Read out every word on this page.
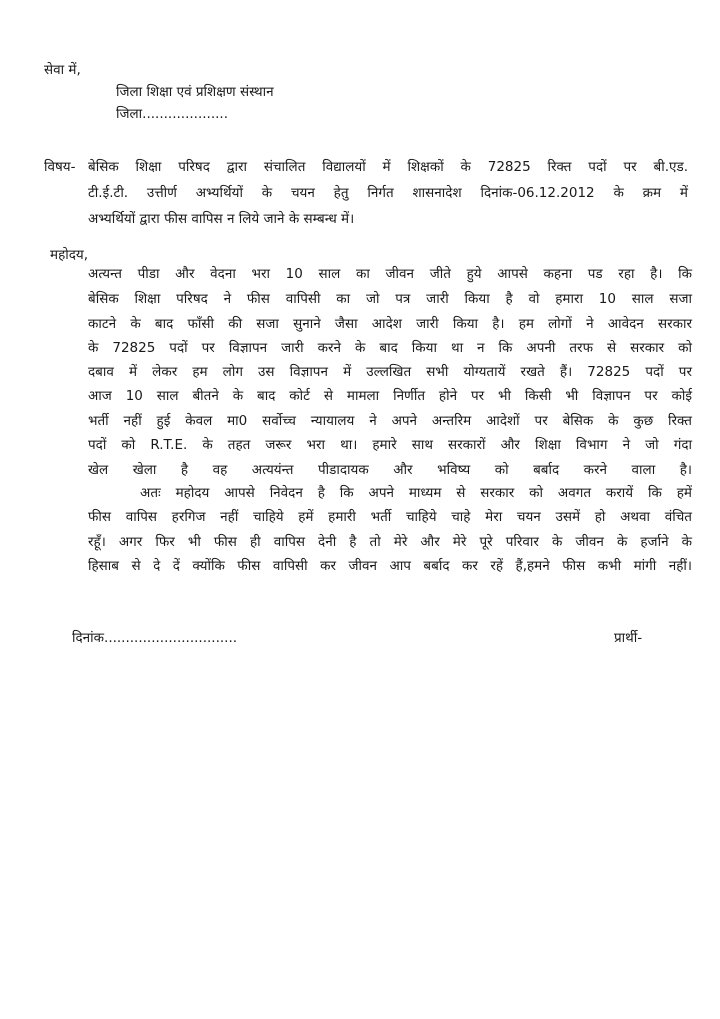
सेवा में,
जिला शिक्षा एवं प्रशिक्षण संस्थान
जिला....................
विषय- बेसिक शिक्षा परिषद द्वारा संचालित विद्यालयों में शिक्षकों के 72825 रिक्त पदों पर बी.एड.
टी.ई.टी. उत्तीर्ण अभ्यर्थियों के चयन हेतु निर्गत शासनादेश दिनांक-06.12.2012 के क्रम में
अभ्यर्थियों द्वारा फीस वापिस न लिये जाने के सम्बन्ध में।
महोदय,
अत्यन्त पीडा और वेदना भरा 10 साल का जीवन जीते हुये आपसे कहना पड रहा है। कि
बेसिक शिक्षा परिषद ने फीस वापिसी का जो पत्र जारी किया है वो हमारा 10 साल सजा
काटने के बाद फाँसी की सजा सुनाने जैसा आदेश जारी किया है। हम लोगों ने आवेदन सरकार
के 72825 पदों पर विज्ञापन जारी करने के बाद किया था न कि अपनी तरफ से सरकार को
दबाव में लेकर हम लोग उस विज्ञापन में उल्लखित सभी योग्यतायें रखते हैं। 72825 पदों पर
आज 10 साल बीतने के बाद कोर्ट से मामला निर्णीत होने पर भी किसी भी विज्ञापन पर कोई
भर्ती नहीं हुई केवल मा0 सर्वोच्च न्यायालय ने अपने अन्तरिम आदेशों पर बेसिक के कुछ रिक्त
पदों को R.T.E. के तहत जरूर भरा था। हमारे साथ सरकारों और शिक्षा विभाग ने जो गंदा
खेल खेला है वह अत्ययंन्त पीडादायक और भविष्य को बर्बाद करने वाला है।
अतः महोदय आपसे निवेदन है कि अपने माध्यम से सरकार को अवगत करायें कि हमें
फीस वापिस हरगिज नहीं चाहिये हमें हमारी भर्ती चाहिये चाहे मेरा चयन उसमें हो अथवा वंचित
रहूँ। अगर फिर भी फीस ही वापिस देनी है तो मेरे और मेरे पूरे परिवार के जीवन के हर्जाने के
हिसाब से दे दें क्योंकि फीस वापिसी कर जीवन आप बर्बाद कर रहें हैं,हमने फीस कभी मांगी नहीं।
दिनांक...............................	प्रार्थी-
